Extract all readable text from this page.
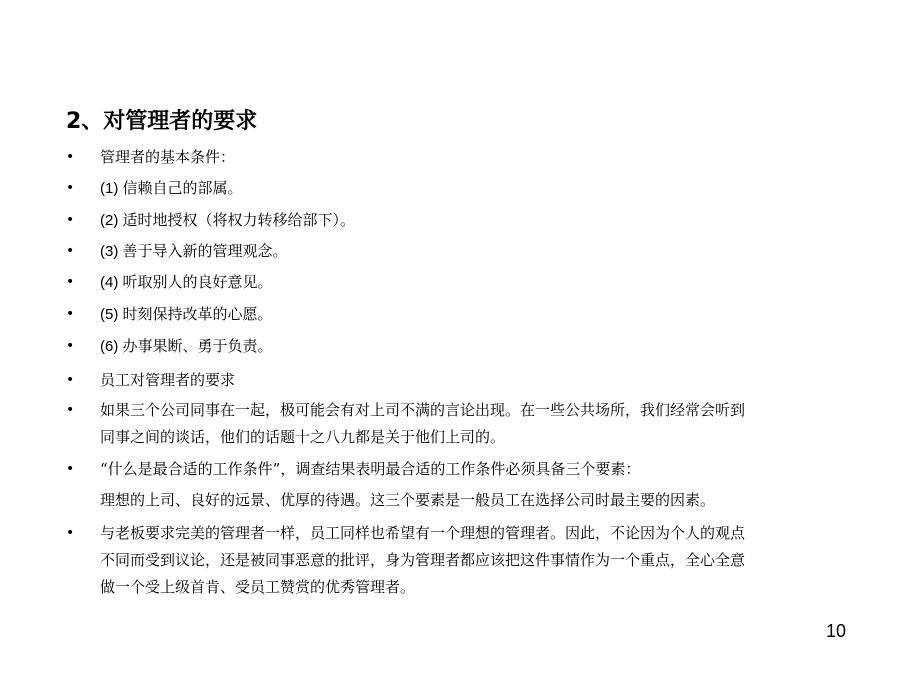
2、对管理者的要求
• 管理者的基本条件：
• (1) 信赖自己的部属。
• (2) 适时地授权（将权力转移给部下）。
• (3) 善于导入新的管理观念。
• (4) 听取别人的良好意见。
• (5) 时刻保持改革的心愿。
• (6) 办事果断、勇于负责。
• 员工对管理者的要求
• 如果三个公司同事在一起，极可能会有对上司不满的言论出现。在一些公共场所，我们经常会听到
同事之间的谈话，他们的话题十之八九都是关于他们上司的。
• “什么是最合适的工作条件”，调查结果表明最合适的工作条件必须具备三个要素：
理想的上司、良好的远景、优厚的待遇。这三个要素是一般员工在选择公司时最主要的因素。
• 与老板要求完美的管理者一样，员工同样也希望有一个理想的管理者。因此，不论因为个人的观点
不同而受到议论，还是被同事恶意的批评，身为管理者都应该把这件事情作为一个重点，全心全意
做一个受上级首肯、受员工赞赏的优秀管理者。
10
